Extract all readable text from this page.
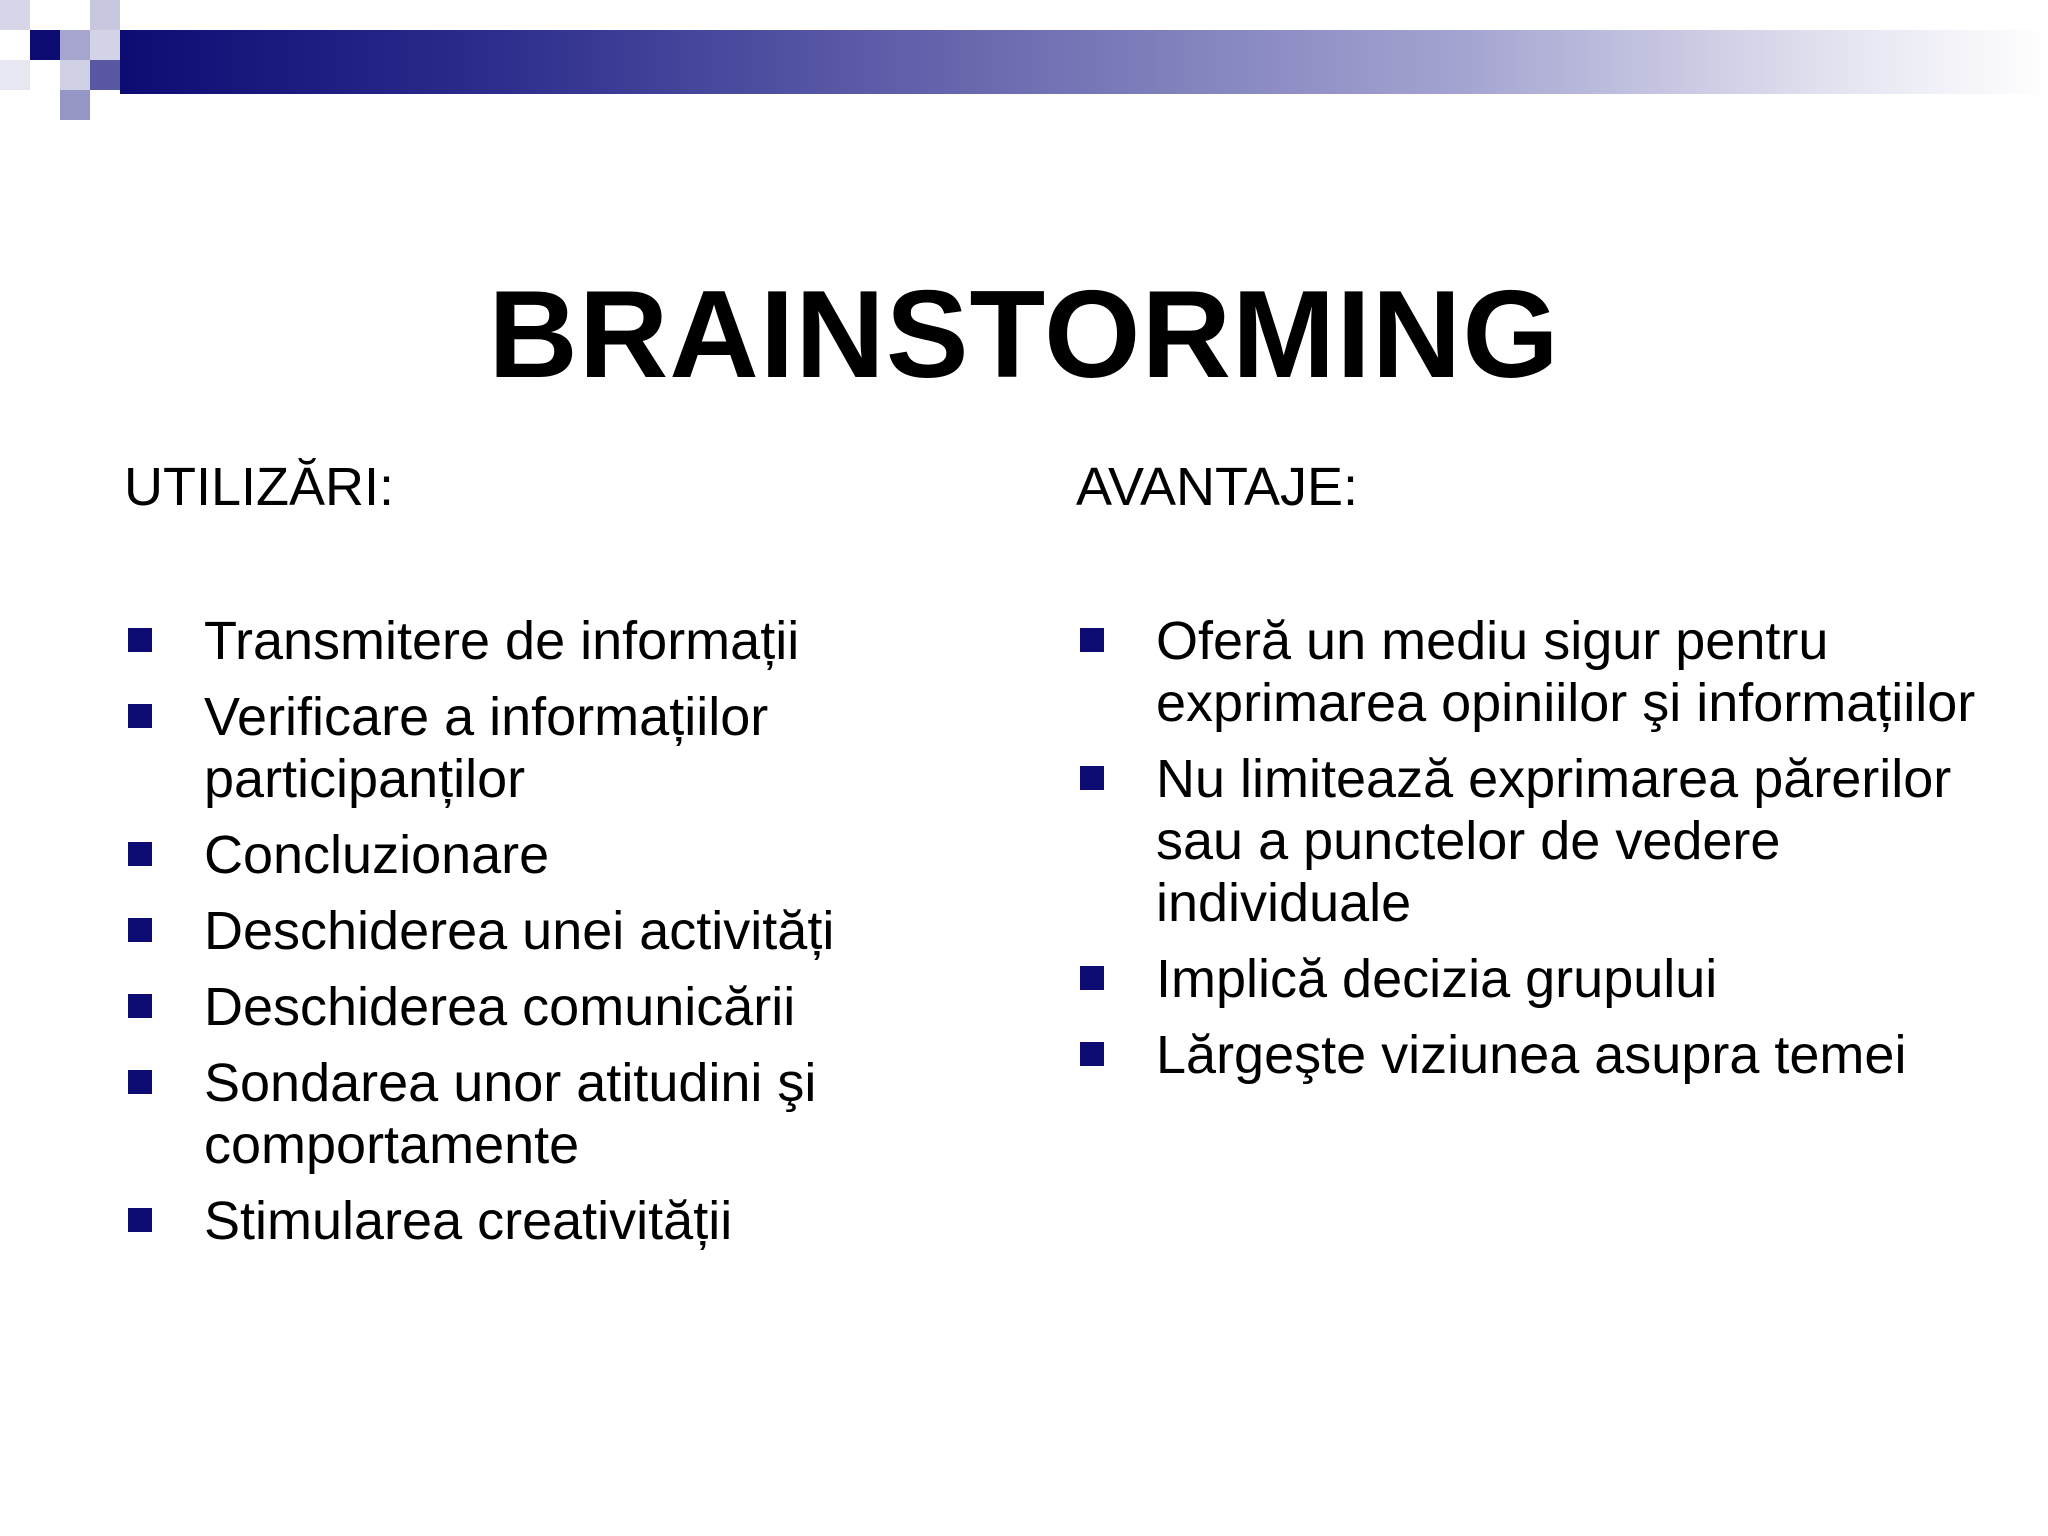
BRAINSTORMING
UTILIZĂRI:
Transmitere de informații
Verificare a informațiilor participanților
Concluzionare
Deschiderea unei activități
Deschiderea comunicării
Sondarea unor atitudini şi comportamente
Stimularea creativității
AVANTAJE:
Oferă un mediu sigur pentru exprimarea opiniilor şi informațiilor
Nu limitează exprimarea părerilor sau a punctelor de vedere individuale
Implică decizia grupului
Lărgeşte viziunea asupra temei
